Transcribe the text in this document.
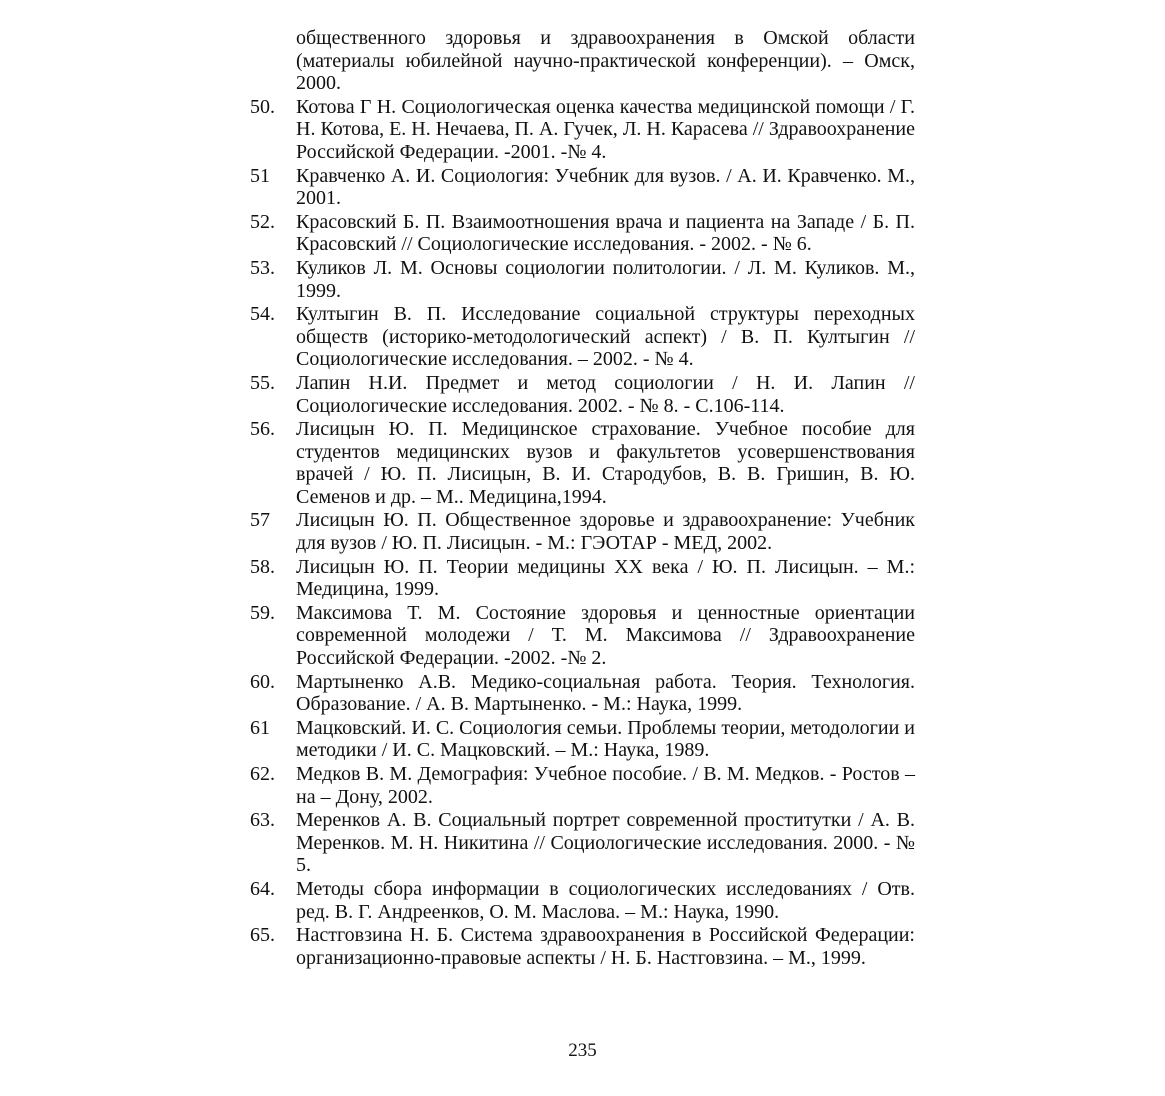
общественного здоровья и здравоохранения в Омской области (материалы юбилейной научно-практической конференции). – Омск, 2000.
50.	Котова Г Н. Социологическая оценка качества медицинской помощи / Г. Н. Котова, Е. Н. Нечаева, П. А. Гучек, Л. Н. Карасева // Здравоохранение Российской Федерации. -2001. -№ 4.
51	Кравченко А. И. Социология: Учебник для вузов. / А. И. Кравченко. М., 2001.
52.	Красовский Б. П. Взаимоотношения врача и пациента на Западе / Б. П. Красовский // Социологические исследования. - 2002. - № 6.
53.	Куликов Л. М. Основы социологии политологии. / Л. М. Куликов. М., 1999.
54.	Култыгин В. П. Исследование социальной структуры переходных обществ (историко-методологический аспект) / В. П. Култыгин // Социологические исследования. – 2002. - № 4.
55.	Лапин Н.И. Предмет и метод социологии / Н. И. Лапин // Социологические исследования. 2002. - № 8. - С.106-114.
56.	Лисицын Ю. П. Медицинское страхование. Учебное пособие для студентов медицинских вузов и факультетов усовершенствования врачей / Ю. П. Лисицын, В. И. Стародубов, В. В. Гришин, В. Ю. Семенов и др. – М.. Медицина,1994.
57	Лисицын Ю. П. Общественное здоровье и здравоохранение: Учебник для вузов / Ю. П. Лисицын. - М.: ГЭОТАР - МЕД, 2002.
58.	Лисицын Ю. П. Теории медицины XX века / Ю. П. Лисицын. – М.: Медицина, 1999.
59.	Максимова Т. М. Состояние здоровья и ценностные ориентации современной молодежи / Т. М. Максимова // Здравоохранение Российской Федерации. -2002. -№ 2.
60.	Мартыненко А.В. Медико-социальная работа. Теория. Технология. Образование. / А. В. Мартыненко. - М.: Наука, 1999.
61	Мацковский. И. С. Социология семьи. Проблемы теории, методологии и методики / И. С. Мацковский. – М.: Наука, 1989.
62.	Медков В. М. Демография: Учебное пособие. / В. М. Медков. - Ростов – на – Дону, 2002.
63.	Меренков А. В. Социальный портрет современной проститутки / А. В. Меренков. М. Н. Никитина // Социологические исследования. 2000. - № 5.
64.	Методы сбора информации в социологических исследованиях / Отв. ред. В. Г. Андреенков, О. М. Маслова. – М.: Наука, 1990.
65.	Настговзина Н. Б. Система здравоохранения в Российской Федерации: организационно-правовые аспекты / Н. Б. Настговзина. – М., 1999.
235
